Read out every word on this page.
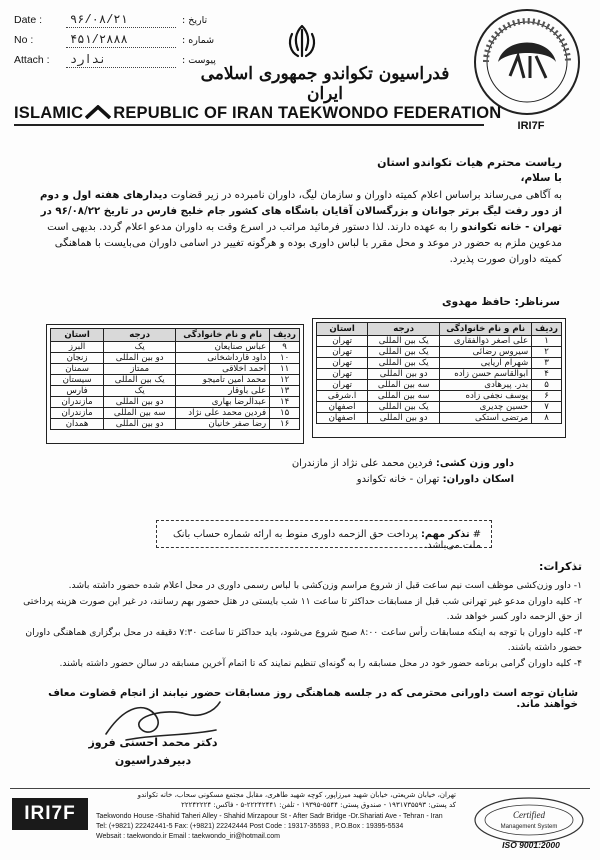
Date :	۹۶/۰۸/۲۱	تاریخ :
No :	۴۵۱/۲۸۸۸	شماره :
Attach :	ندارد	پیوست :
فدراسیون تکواندو جمهوری اسلامی ایران
IRI7F
ISLAMIC REPUBLIC OF IRAN TAEKWONDO FEDERATION
ریاست محترم هیات تکواندو استان
با سلام،
به آگاهی می‌رساند براساس اعلام کمیته داوران و سازمان لیگ، داوران نامبرده در زیر قضاوت دیدارهای هفته اول و دوم از دور رفت لیگ برتر جوانان و بزرگسالان آقایان باشگاه های کشور جام خلیج فارس در تاریخ ۹۶/۰۸/۲۲ در تهران - خانه تکواندو را به عهده دارند. لذا دستور فرمائید مراتب در اسرع وقت به داوران مدعو اعلام گردد. بدیهی است مدعوین ملزم به حضور در موعد و محل مقرر با لباس داوری بوده و هرگونه تغییر در اسامی داوران می‌بایست با هماهنگی کمیته داوران صورت پذیرد.
سرناظر: حافظ مهدوی
ردیف	نام و نام خانوادگی	درجه	استان
۱	علی اصغر ذوالفقاری	یک بین المللی	تهران
۲	سیروس رضائی	یک بین المللی	تهران
۳	شهرام اریایی	یک بین المللی	تهران
۴	ابوالقاسم حسن زاده	دو بین المللی	تهران
۵	بدر. پیرهادی	سه بین المللی	تهران
۶	یوسف نجفی زاده	سه بین المللی	آ.شرقی
۷	حسین چدیری	یک بین المللی	اصفهان
۸	مرتضی استکی	دو بین المللی	اصفهان
ردیف	نام و نام خانوادگی	درجه	استان
۹	عباس صنایعان	یک	البرز
۱۰	داود قارداشخانی	دو بین المللی	زنجان
۱۱	احمد اخلاقی	ممتاز	سمنان
۱۲	محمد امین تامیجو	یک بین المللی	سیستان
۱۳	علی باوقار	یک	فارس
۱۴	عبدالرضا بهاری	دو بین المللی	مازندران
۱۵	فردین محمد علی نژاد	سه بین المللی	مازندران
۱۶	رضا صفر خانیان	دو بین المللی	همدان
داور وزن کشی: فردین محمد علی نژاد از مازندران
اسکان داوران: تهران - خانه تکواندو
# تذکر مهم: پرداخت حق الزحمه داوری منوط به ارائه شماره حساب بانک ملت می‌باشد.
تذکرات:

۱- داور وزن‌کشی موظف است نیم ساعت قبل از شروع مراسم وزن‌کشی با لباس رسمی داوری در محل اعلام شده حضور داشته باشد.

۲- کلیه داوران مدعو غیر تهرانی شب قبل از مسابقات حداکثر تا ساعت ۱۱ شب بایستی در هتل حضور بهم رسانند، در غیر این صورت هزینه پرداختی از حق الزحمه داور کسر خواهد شد.

۳- کلیه داوران با توجه به اینکه مسابقات رأس ساعت ۸:۰۰ صبح شروع می‌شود، باید حداکثر تا ساعت ۷:۳۰ دقیقه در محل برگزاری هماهنگی داوران حضور داشته باشند.

۴- کلیه داوران گرامی برنامه حضور خود در محل مسابقه را به گونه‌ای تنظیم نمایند که تا اتمام آخرین مسابقه در سالن حضور داشته باشند.

شایان توجه است داورانی محترمی که در جلسه هماهنگی روز مسابقات حضور نیابند از انجام قضاوت معاف خواهند ماند.
دکتر محمد احسنی فروز
دبیرفدراسیون
IRI7F
تهران، خیابان شریعتی، خیابان شهید میرزاپور، کوچه شهید طاهری، مقابل مجتمع مسکونی سحاب، خانه تکواندو
کد پستی: ۱۹۳۱۷۳۵۵۹۳ - صندوق پستی: ۵۵۴۴-۱۹۳۹۵ - تلفن: ۲۲۲۴۲۴۴۱-۵ - فاکس: ۲۲۲۴۲۲۲۴
Taekwondo House -Shahid Taheri Alley - Shahid Mirzapour St - After Sadr Bridge -Dr.Shariati Ave - Tehran - Iran
Tel: (+9821) 22242441-5 Fax: (+9821) 22242444 Post Code : 19317-35593 , P.O.Box : 19395-5534
Websait : taekwondo.ir Email : taekwondo_iri@hotmail.com
Certified
Management System
ISO 9001:2000
